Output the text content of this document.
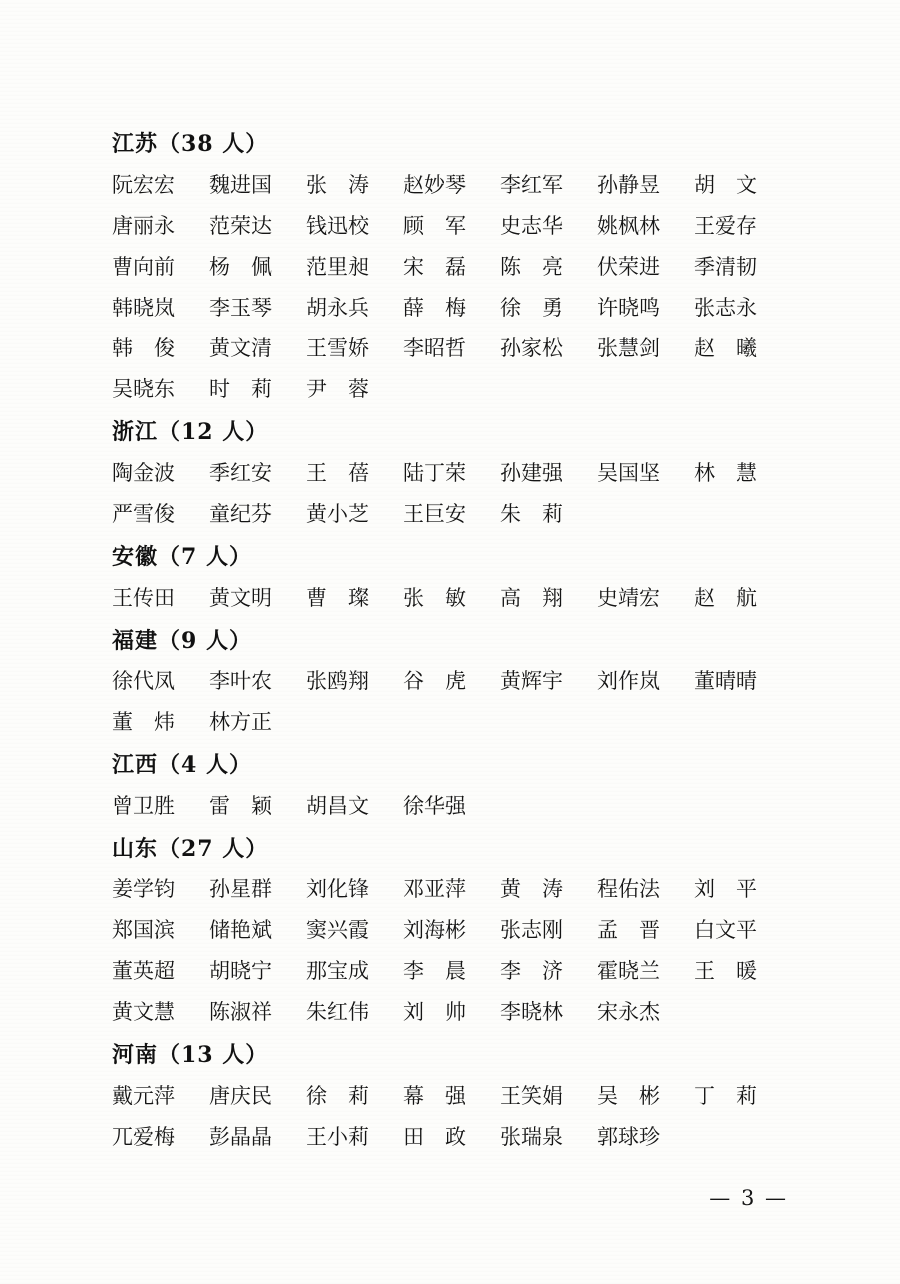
江苏（38 人）
阮宏宏	魏进国	张　涛	赵妙琴	李红军	孙静昱	胡　文
唐丽永	范荣达	钱迅校	顾　军	史志华	姚枫林	王爱存
曹向前	杨　佩	范里昶	宋　磊	陈　亮	伏荣进	季清韧
韩晓岚	李玉琴	胡永兵	薛　梅	徐　勇	许晓鸣	张志永
韩　俊	黄文清	王雪娇	李昭哲	孙家松	张慧剑	赵　曦
吴晓东	时　莉	尹　蓉
浙江（12 人）
陶金波	季红安	王　蓓	陆丁荣	孙建强	吴国坚	林　慧
严雪俊	童纪芬	黄小芝	王巨安	朱　莉
安徽（7 人）
王传田	黄文明	曹　璨	张　敏	高　翔	史靖宏	赵　航
福建（9 人）
徐代凤	李叶农	张鸥翔	谷　虎	黄辉宇	刘作岚	董晴晴
董　炜	林方正
江西（4 人）
曾卫胜	雷　颖	胡昌文	徐华强
山东（27 人）
姜学钧	孙星群	刘化锋	邓亚萍	黄　涛	程佑法	刘　平
郑国滨	储艳斌	窦兴霞	刘海彬	张志刚	孟　晋	白文平
董英超	胡晓宁	那宝成	李　晨	李　济	霍晓兰	王　暖
黄文慧	陈淑祥	朱红伟	刘　帅	李晓林	宋永杰
河南（13 人）
戴元萍	唐庆民	徐　莉	幕　强	王笑娟	吴　彬	丁　莉
兀爱梅	彭晶晶	王小莉	田　政	张瑞泉	郭球珍
— 3 —
